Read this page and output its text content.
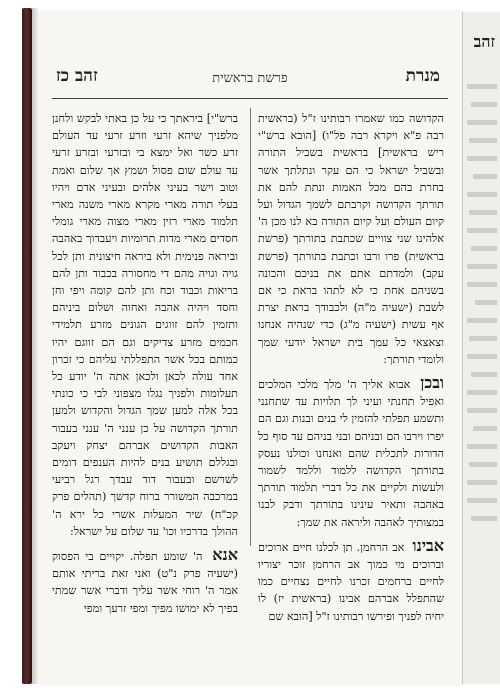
מנרת
פרשת בראשית
זהב כז

הקדושה כמו שאמרו רבותינו ז"ל (בראשית רבה פ"א ויקרא רבה פל"ו) [הובא ברש"י ריש בראשית] בראשית בשביל התורה ובשביל ישראל כי הם עקר ונתלתך אשר בחרת בהם מכל האמות ונתת להם את תורתך הקדושה וקרבתם לשמך הגדול ועל קיום העולם ועל קיום התורה בא לנו מכן ה' אלהינו שני צוויים שכתבת בתורתך (פרשת בראשית) פרו ורבו וכתבת בתורתך (פרשת עקב) ולמדתם אתם את בניכם והכונה בשניהם אחת כי לא לתהו בראת כי אם לשבת (ישעיה מ"ה) ולכבודך בראת יצרת אף עשית (ישעיה מ"ג) כדי שנהיה אנחנו וצאצאי כל עמך בית ישראל יודעי שמך ולומדי תורתך:

ובכן אבוא אליך ה' מלך מלכי המלכים ואפיל תחנתי ועיני לך תלויות עד שתחנני ותשמע תפלתי להזמין לי בנים ובנות וגם הם יפרו וירבו הם ובניהם ובני בניהם עד סוף כל הדורות לתכלית שהם ואנחנו וכולנו נעסק בתורתך הקדושה ללמוד וללמד לשמור ולעשות ולקיים את כל דברי תלמוד תורתך באהבה ותאיר עינינו בתורתך ודבק לבנו במצותיך לאהבה וליראה את שמך:

אבינו אב הרחמן. תן לכלנו חיים ארוכים וברוכים מי כמוך אב הרחמן זוכר יצוריו לחיים ברחמים זכרנו לחיים נצחיים כמו שהתפלל אברהם אבינו (בראשית יז) לו יחיה לפניך ופירשו רבותינו ז"ל [הובא שם

ברש"י] ביראתך כי על כן באתי לבקש ולחנן מלפניך שיהא זרעי וזרע זרעי עד העולם זרע כשר ואל ימצא בי ובזרעי ובזרע זרעי עד עולם שום פסול ושמץ אך שלום ואמת וטוב וישר בעיני אלהים ובעיני אדם ויהיו בעלי תורה מארי מקרא מארי משנה מארי תלמוד מארי רזין מארי מצוה מארי גומלי חסדים מארי מדות תרומיות ויעבדוך באהבה וביראה פנימית ולא ביראה חיצונית ותן לכל גויה וגויה מהם די מחסורה בכבוד ותן להם בריאות וכבוד וכח ותן להם קומה ויפי וחן וחסד ויהיה אהבה ואחוה ושלום ביניהם ותזמין להם זווגים הגונים מזרע תלמידי חכמים מזרע צדיקים וגם הם זווגם יהיו כמותם בכל אשר התפללתי עליהם כי זכרון אחד עולה לכאן ולכאן אתה ה' יודע כל תעלומות ולפניך נגלו מצפוני לבי כי כונתי בכל אלה למען שמך הגדול והקדוש ולמען תורתך הקדושה על כן ענני ה' ענני בעבור האבות הקדושים אברהם יצחק ויעקב ובגללם תושיע בנים להיות הענפים דומים לשרשם ובעבור דוד עבדך רגל רביעי במרכבה המשורר ברוח קדשך (תהלים פרק קכ"ח) שיר המעלות אשרי כל ירא ה' ההולך בדרכיו וכו' עד שלום על ישראל:

אנא ה' שומע תפלה. יקויים בי הפסוק (ישעיה פרק נ"ט) ואני זאת בריתי אותם אמר ה' רוחי אשר עליך ודברי אשר שמתי בפיך לא ימושו מפיך ומפי זרעך ומפי

זהב
